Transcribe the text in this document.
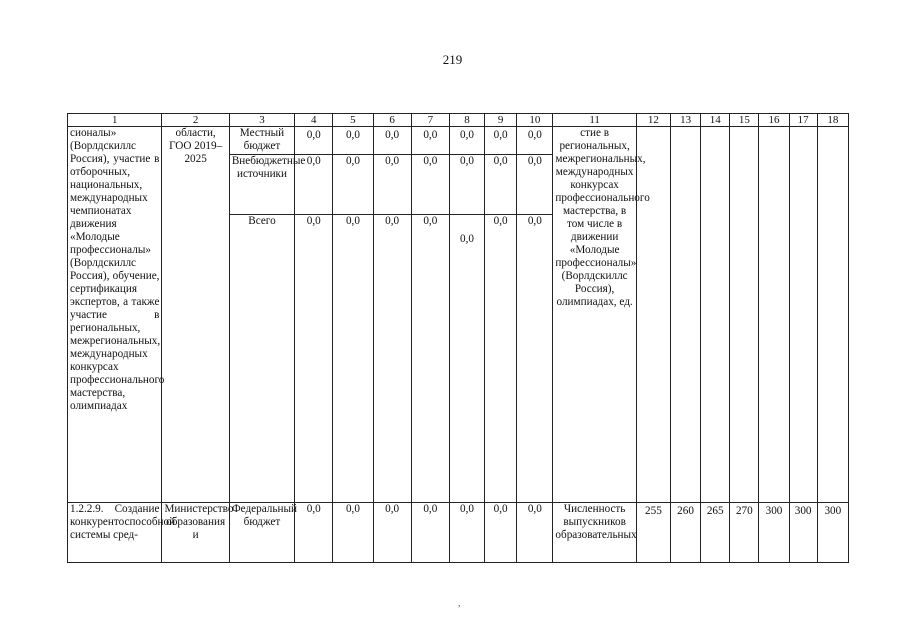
219
1	2	3	4	5	6	7	8	9	10	11	12	13	14	15	16	17	18
сионалы» (Ворлдскиллс Россия), участие в отборочных, национальных, международных чемпионатах движения «Молодые профессионалы» (Ворлдскиллс Россия), обучение, сертификация экспертов, а также участие в региональных, межрегиональных, международных конкурсах профессионального мастерства, олимпиадах	области, ГОО 2019–2025	Местный бюджет	0,0	0,0	0,0	0,0	0,0	0,0	0,0	стие в региональных, межрегиональных, международных конкурсах профессионального мастерства, в том числе в движении «Молодые профессионалы» (Ворлдскиллс Россия), олимпиадах, ед.							
		Внебюджетные источники	0,0	0,0	0,0	0,0	0,0	0,0	0,0								
		Всего	0,0	0,0	0,0	0,0	0,0	0,0	0,0								
1.2.2.9. Создание конкурентоспособной системы сред-	Министерство образования и	Федеральный бюджет	0,0	0,0	0,0	0,0	0,0	0,0	0,0	Численность выпускников образовательных	255	260	265	270	300	300	300
,
